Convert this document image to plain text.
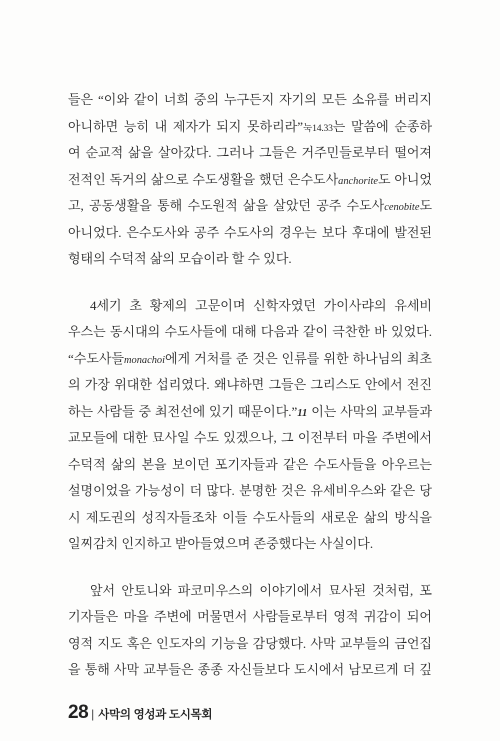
들은 “이와 같이 너희 중의 누구든지 자기의 모든 소유를 버리지
아니하면 능히 내 제자가 되지 못하리라”눅14.33는 말씀에 순종하
여 순교적 삶을 살아갔다. 그러나 그들은 거주민들로부터 떨어져
전적인 독거의 삶으로 수도생활을 했던 은수도사anchorite도 아니었
고, 공동생활을 통해 수도원적 삶을 살았던 공주 수도사cenobite도
아니었다. 은수도사와 공주 수도사의 경우는 보다 후대에 발전된
형태의 수덕적 삶의 모습이라 할 수 있다.
4세기 초 황제의 고문이며 신학자였던 가이사랴의 유세비
우스는 동시대의 수도사들에 대해 다음과 같이 극찬한 바 있었다.
“수도사들monachoi에게 거처를 준 것은 인류를 위한 하나님의 최초
의 가장 위대한 섭리였다. 왜냐하면 그들은 그리스도 안에서 전진
하는 사람들 중 최전선에 있기 때문이다.”11 이는 사막의 교부들과
교모들에 대한 묘사일 수도 있겠으나, 그 이전부터 마을 주변에서
수덕적 삶의 본을 보이던 포기자들과 같은 수도사들을 아우르는
설명이었을 가능성이 더 많다. 분명한 것은 유세비우스와 같은 당
시 제도권의 성직자들조차 이들 수도사들의 새로운 삶의 방식을
일찌감치 인지하고 받아들였으며 존중했다는 사실이다.
앞서 안토니와 파코미우스의 이야기에서 묘사된 것처럼, 포
기자들은 마을 주변에 머물면서 사람들로부터 영적 귀감이 되어
영적 지도 혹은 인도자의 기능을 감당했다. 사막 교부들의 금언집
을 통해 사막 교부들은 종종 자신들보다 도시에서 남모르게 더 깊
28 | 사막의 영성과 도시목회
